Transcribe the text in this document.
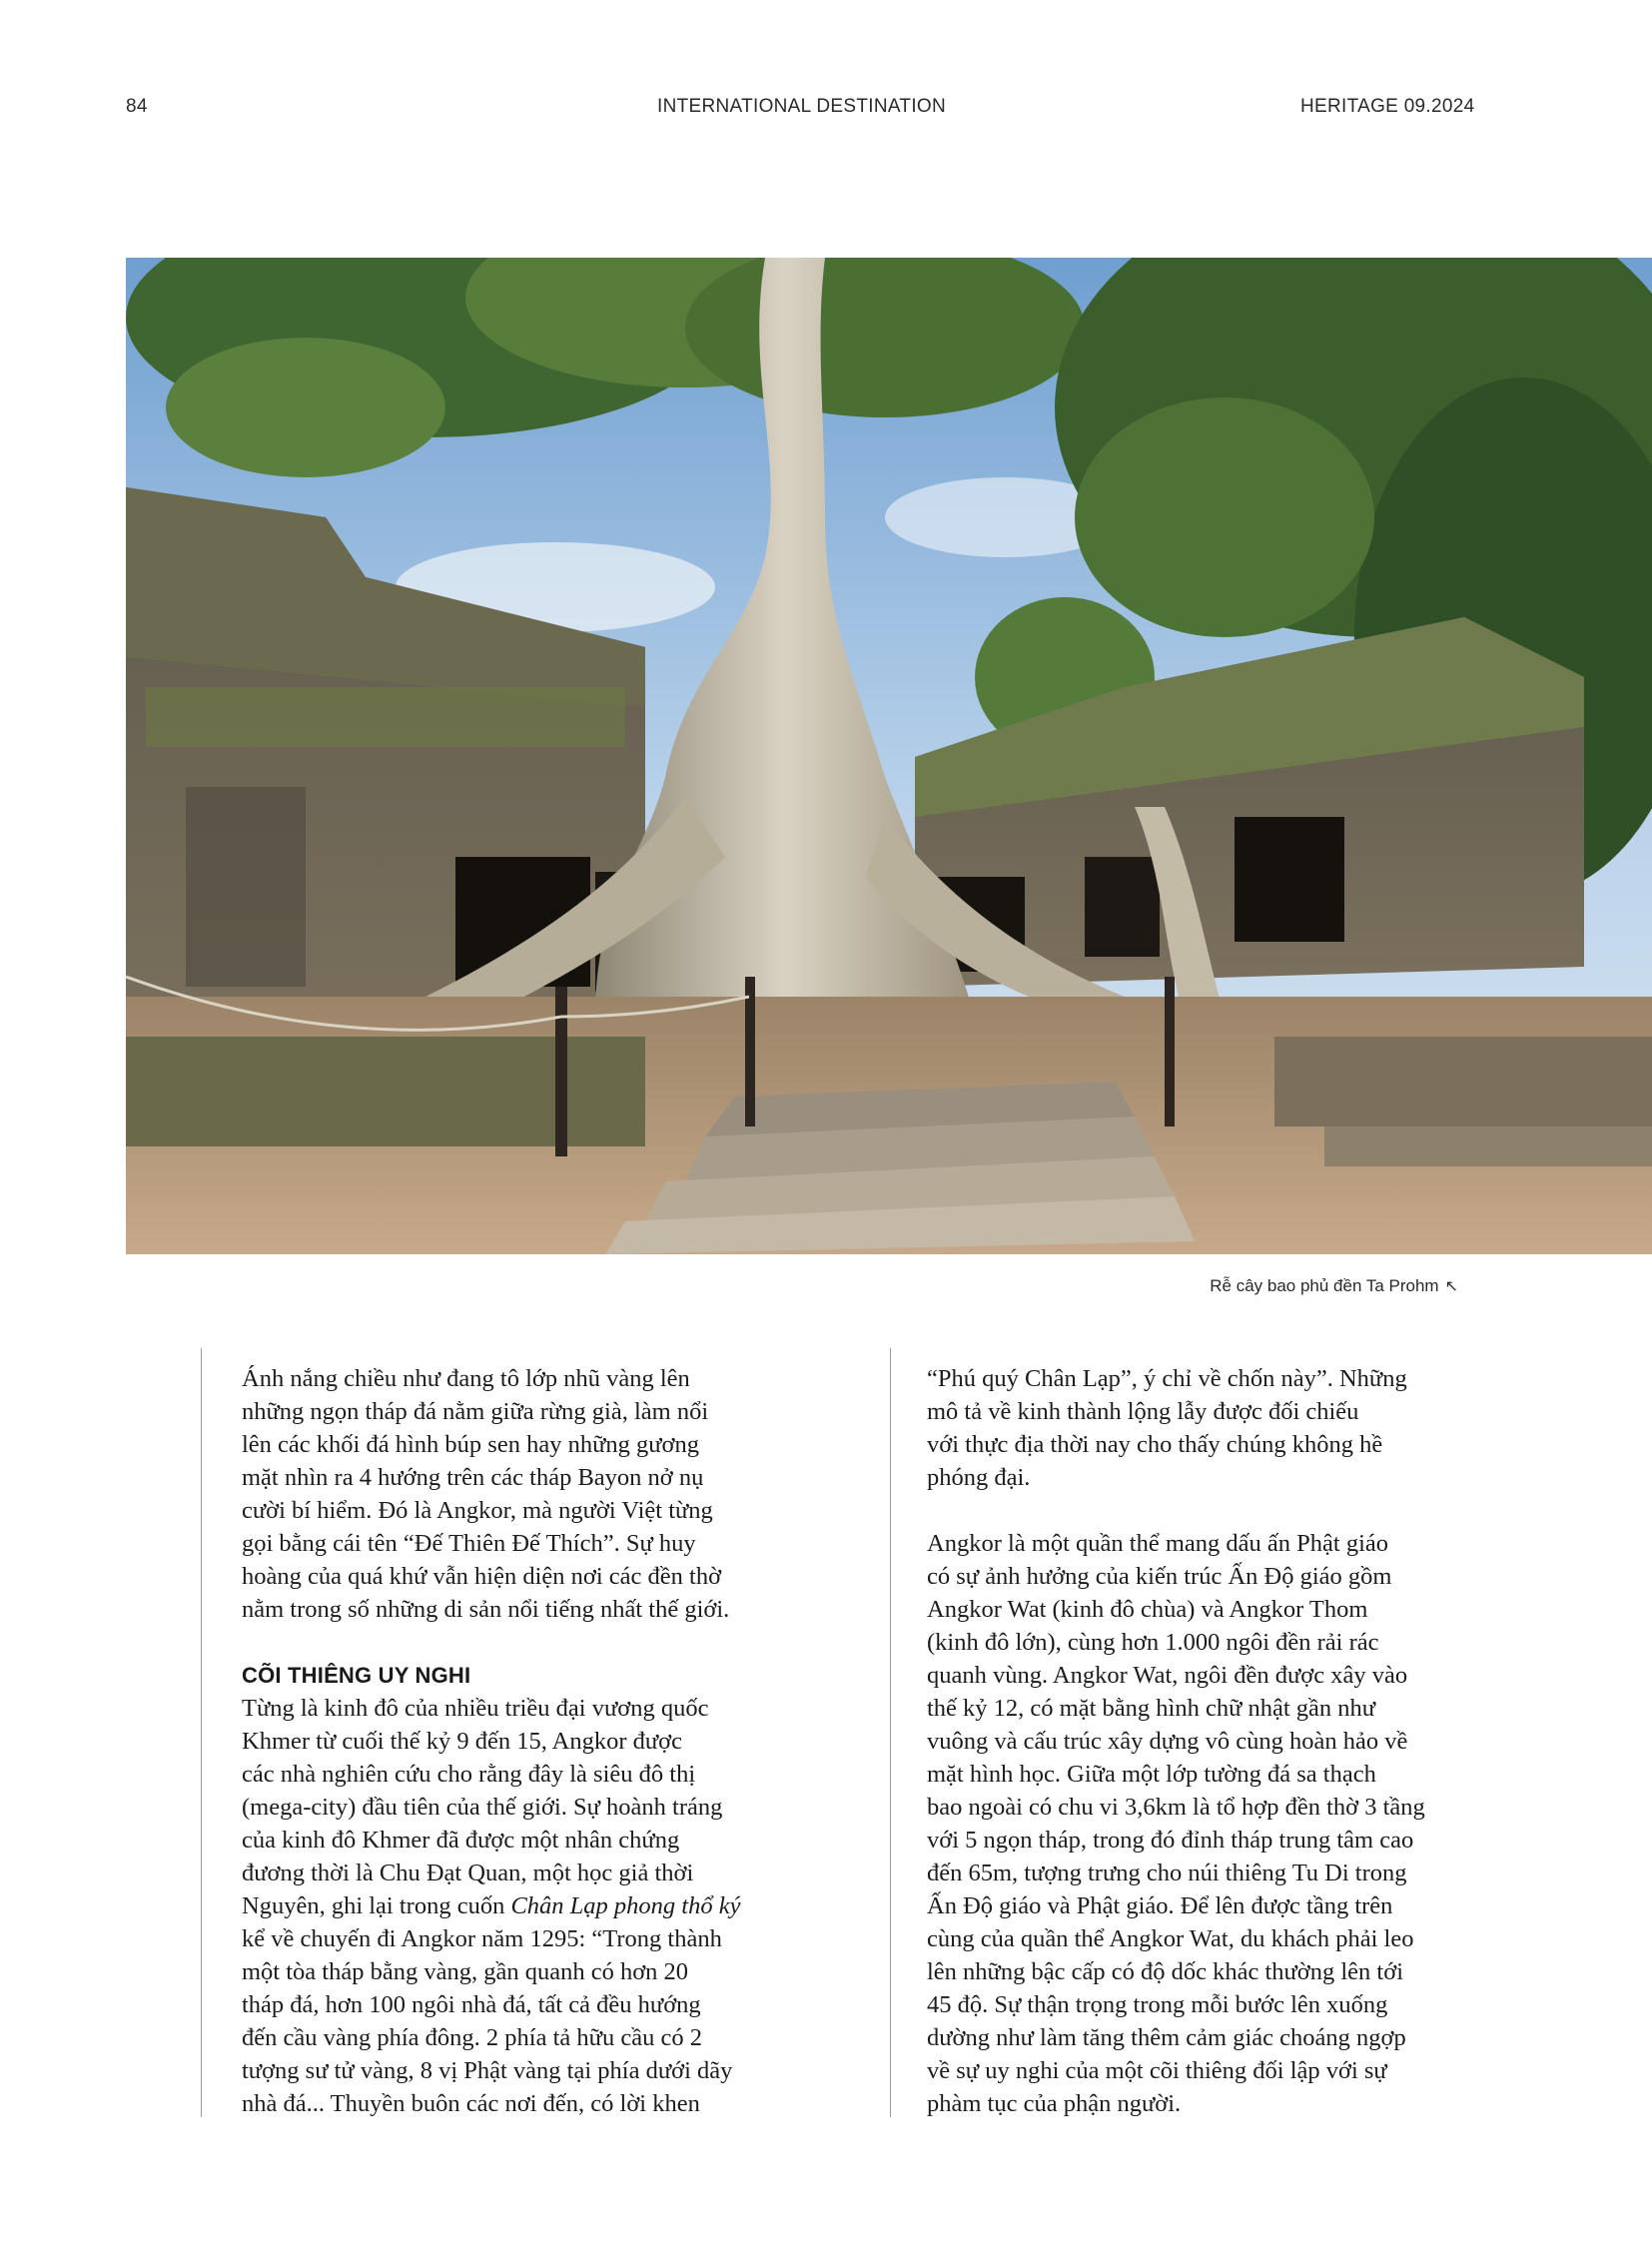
84	INTERNATIONAL DESTINATION	HERITAGE 09.2024
Rễ cây bao phủ đền Ta Prohm ↖

Ánh nắng chiều như đang tô lớp nhũ vàng lên

những ngọn tháp đá nằm giữa rừng già, làm nổi

lên các khối đá hình búp sen hay những gương

mặt nhìn ra 4 hướng trên các tháp Bayon nở nụ

cười bí hiểm. Đó là Angkor, mà người Việt từng

gọi bằng cái tên “Đế Thiên Đế Thích”. Sự huy

hoàng của quá khứ vẫn hiện diện nơi các đền thờ

nằm trong số những di sản nổi tiếng nhất thế giới.

CÕI THIÊNG UY NGHI

Từng là kinh đô của nhiều triều đại vương quốc

Khmer từ cuối thế kỷ 9 đến 15, Angkor được

các nhà nghiên cứu cho rằng đây là siêu đô thị

(mega-city) đầu tiên của thế giới. Sự hoành tráng

của kinh đô Khmer đã được một nhân chứng

đương thời là Chu Đạt Quan, một học giả thời

Nguyên, ghi lại trong cuốn Chân Lạp phong thổ ký

kể về chuyến đi Angkor năm 1295: “Trong thành

một tòa tháp bằng vàng, gần quanh có hơn 20

tháp đá, hơn 100 ngôi nhà đá, tất cả đều hướng

đến cầu vàng phía đông. 2 phía tả hữu cầu có 2

tượng sư tử vàng, 8 vị Phật vàng tại phía dưới dãy

nhà đá... Thuyền buôn các nơi đến, có lời khen

“Phú quý Chân Lạp”, ý chỉ về chốn này”. Những

mô tả về kinh thành lộng lẫy được đối chiếu

với thực địa thời nay cho thấy chúng không hề

phóng đại.

Angkor là một quần thể mang dấu ấn Phật giáo

có sự ảnh hưởng của kiến trúc Ấn Độ giáo gồm

Angkor Wat (kinh đô chùa) và Angkor Thom

(kinh đô lớn), cùng hơn 1.000 ngôi đền rải rác

quanh vùng. Angkor Wat, ngôi đền được xây vào

thế kỷ 12, có mặt bằng hình chữ nhật gần như

vuông và cấu trúc xây dựng vô cùng hoàn hảo về

mặt hình học. Giữa một lớp tường đá sa thạch

bao ngoài có chu vi 3,6km là tổ hợp đền thờ 3 tầng

với 5 ngọn tháp, trong đó đỉnh tháp trung tâm cao

đến 65m, tượng trưng cho núi thiêng Tu Di trong

Ấn Độ giáo và Phật giáo. Để lên được tầng trên

cùng của quần thể Angkor Wat, du khách phải leo

lên những bậc cấp có độ dốc khác thường lên tới

45 độ. Sự thận trọng trong mỗi bước lên xuống

dường như làm tăng thêm cảm giác choáng ngợp

về sự uy nghi của một cõi thiêng đối lập với sự

phàm tục của phận người.
